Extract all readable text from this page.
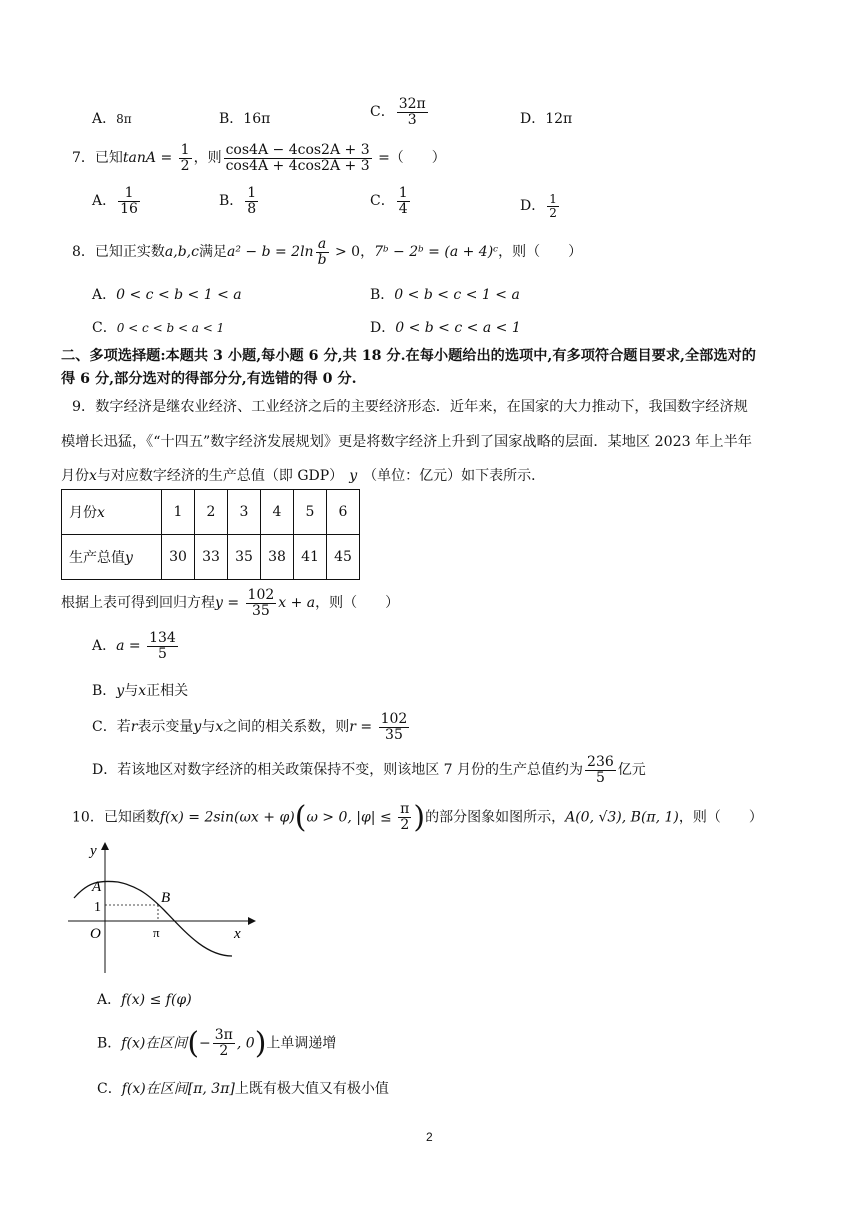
A．8π	B．16π	C． $\frac{32\pi}{3}$	D．12π
7．已知$\tan A = \frac{1}{2}$ ，则 $\frac{\cos 4A - 4\cos 2A + 3}{\cos 4A + 4\cos 2A + 3}$ =（　　）
A． $\frac{1}{16}$	B． $\frac{1}{8}$	C． $\frac{1}{4}$	D． $\frac{1}{2}$
8．已知正实数a,b,c满足$a^2 - b = 2\ln \frac{a}{b} > 0$，7ᵇ − 2ᵇ = (a + 4)ᶜ，则（　　）
A．0 < c < b < 1 < a	B．0 < b < c < 1 < a
C．0 < c < b < a < 1	D．0 < b < c < a < 1
二、多项选择题:本题共 3 小题,每小题 6 分,共 18 分.在每小题给出的选项中,有多项符合题目要求,全部选对的
得 6 分,部分选对的得部分分,有选错的得 0 分.
9．数字经济是继农业经济、工业经济之后的主要经济形态．近年来，在国家的大力推动下，我国数字经济规
模增长迅猛，《“十四五”数字经济发展规划》更是将数字经济上升到了国家战略的层面．某地区 2023 年上半年
月份x与对应数字经济的生产总值（即 GDP） y （单位：亿元）如下表所示．
月份x	1	2	3	4	5	6
生产总值y	30	33	35	38	41	45
根据上表可得到回归方程$y = \frac{102}{35}$ x + a，则（　　）
A．$a = \frac{134}{5}$
B．y与x正相关
C．若r表示变量y与x之间的相关系数，则$r = \frac{102}{35}$
D．若该地区对数字经济的相关政策保持不变，则该地区 7 月份的生产总值约为 $\frac{236}{5}$ 亿元
10．已知函数f(x) = 2sin(ωx + φ)(ω > 0, $|\varphi| \le \frac{\pi}{2}$ )的部分图象如图所示，A(0, √3), B(π, 1)，则（　　）
y
x
O
A
B
1
π
A．f(x) ≤ f(φ)
B．f(x)在区间(− $\frac{3\pi}{2}$ , 0)上单调递增
C．f(x)在区间[π, 3π]上既有极大值又有极小值
2
